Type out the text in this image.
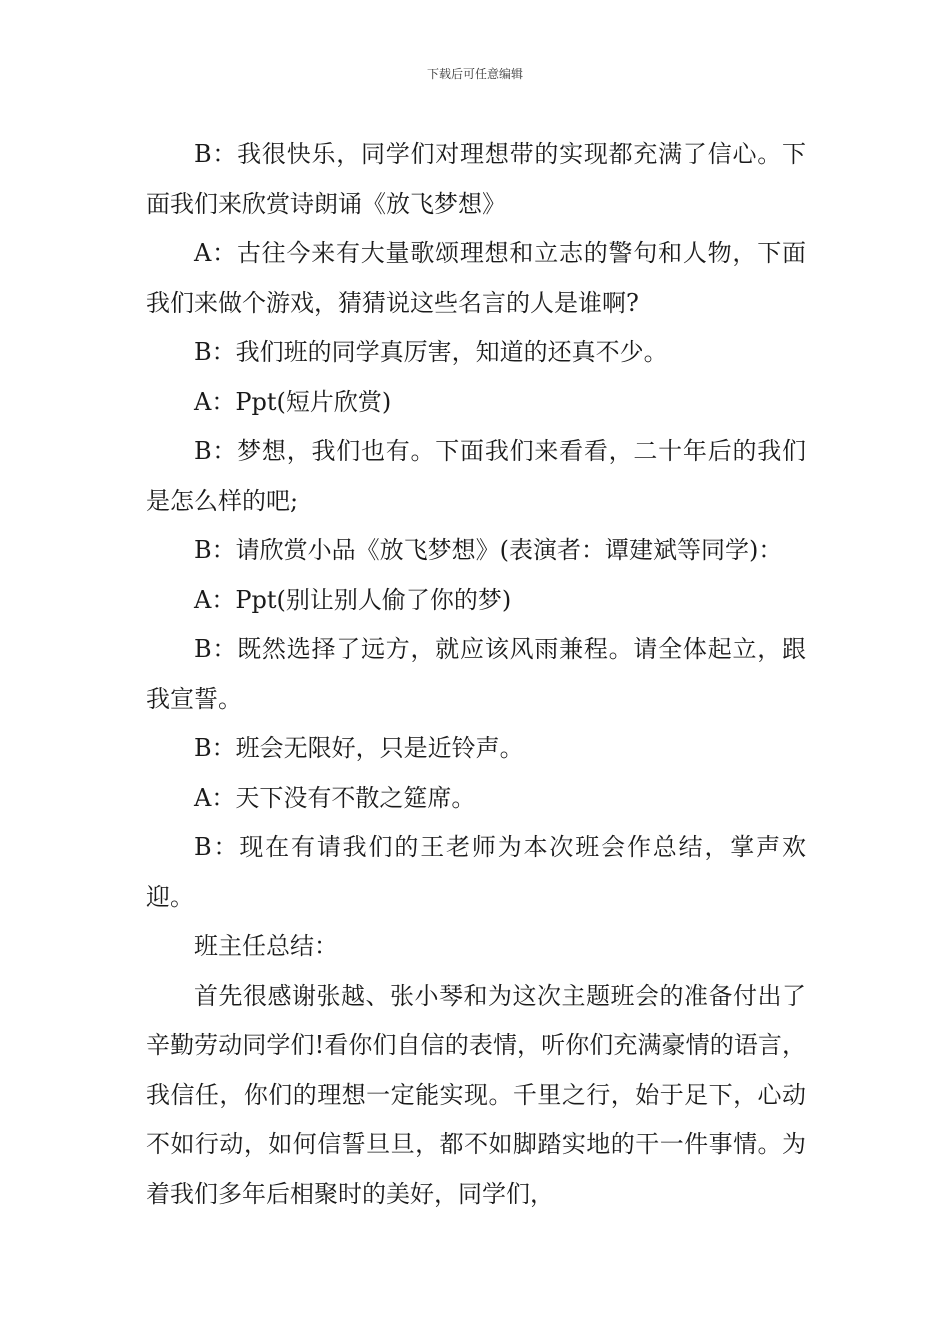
下载后可任意编辑

B：我很快乐，同学们对理想带的实现都充满了信心。下面我们来欣赏诗朗诵《放飞梦想》

A：古往今来有大量歌颂理想和立志的警句和人物，下面我们来做个游戏，猜猜说这些名言的人是谁啊?

B：我们班的同学真厉害，知道的还真不少。

A：Ppt(短片欣赏)

B：梦想，我们也有。下面我们来看看，二十年后的我们是怎么样的吧;

B：请欣赏小品《放飞梦想》(表演者：谭建斌等同学)：

A：Ppt(别让别人偷了你的梦)

B：既然选择了远方，就应该风雨兼程。请全体起立，跟我宣誓。

B：班会无限好，只是近铃声。

A：天下没有不散之筵席。

B：现在有请我们的王老师为本次班会作总结，掌声欢迎。

班主任总结：

首先很感谢张越、张小琴和为这次主题班会的准备付出了辛勤劳动同学们!看你们自信的表情，听你们充满豪情的语言，我信任，你们的理想一定能实现。千里之行，始于足下，心动不如行动，如何信誓旦旦，都不如脚踏实地的干一件事情。为着我们多年后相聚时的美好，同学们，
